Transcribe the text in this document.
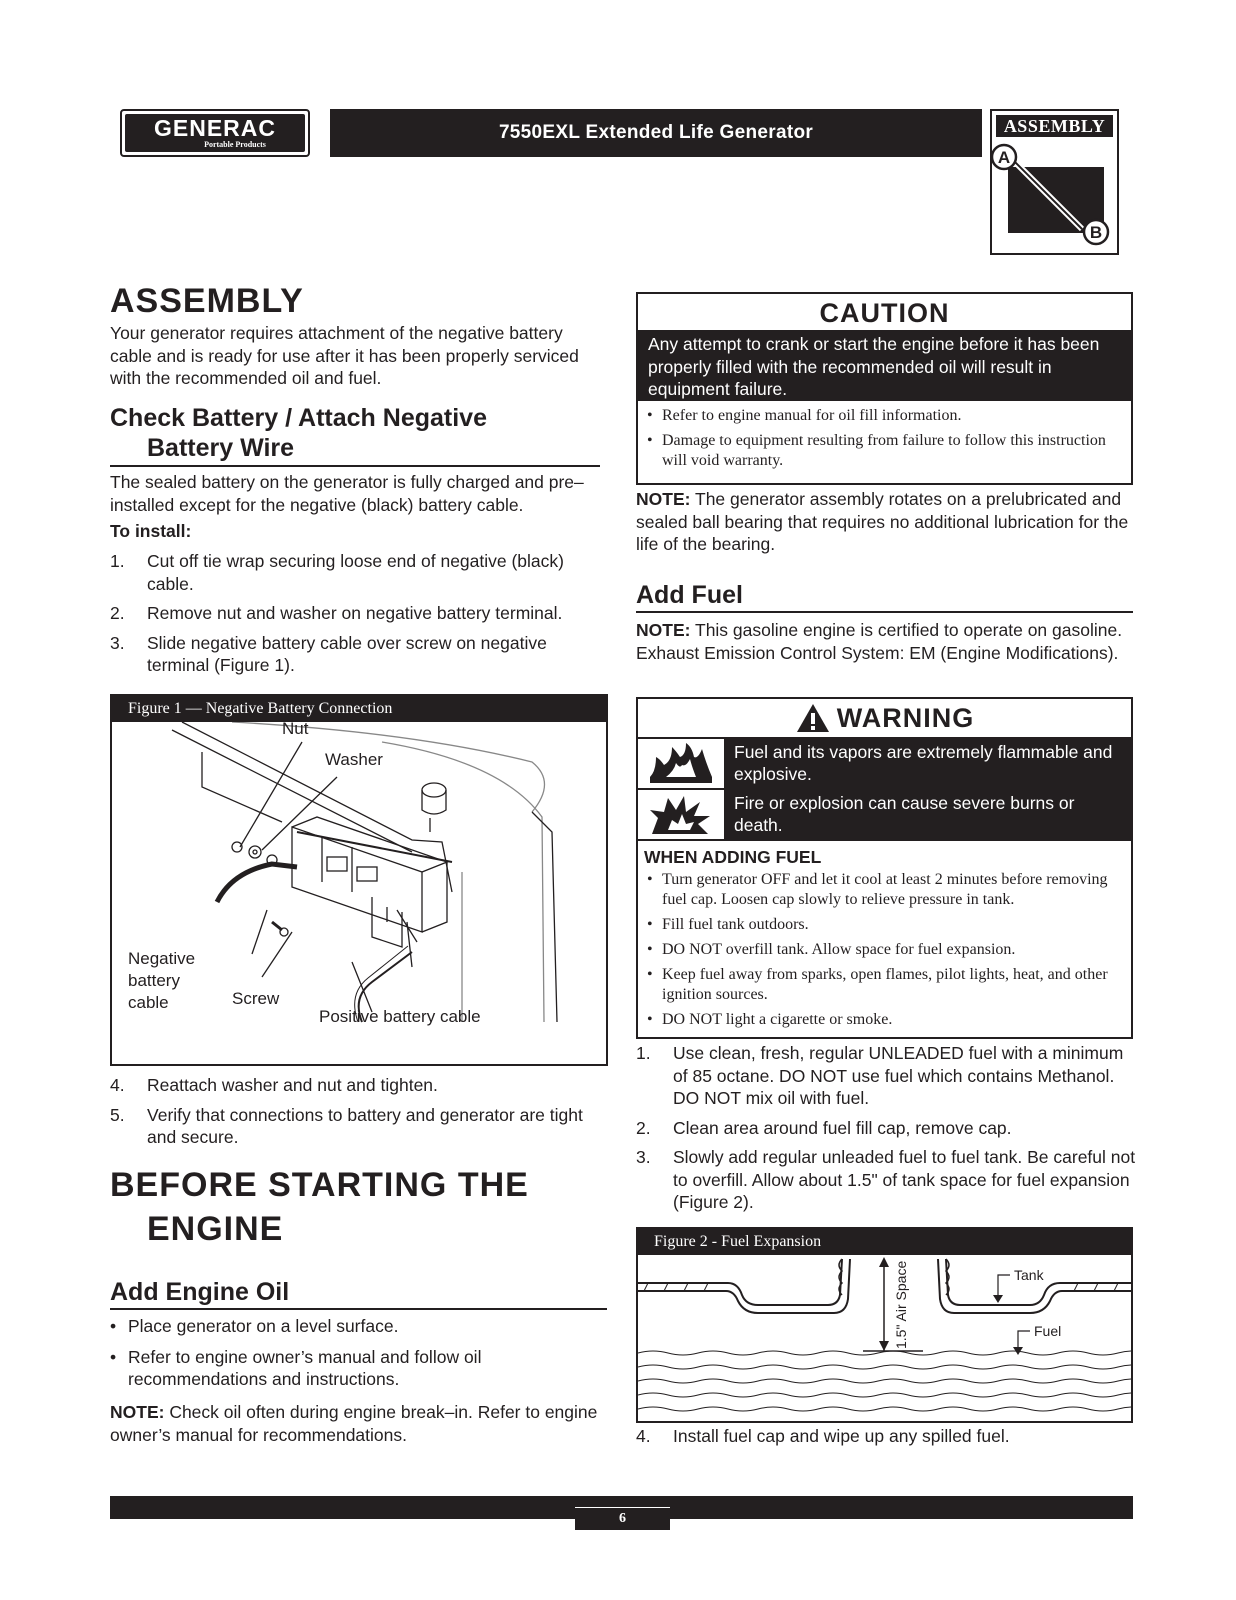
GENERAC
Portable Products
7550EXL Extended Life Generator
A
B
ASSEMBLY
ASSEMBLY
Your generator requires attachment of the negative battery cable and is ready for use after it has been properly serviced with the recommended oil and fuel.
Check Battery / Attach Negative
Battery Wire
The sealed battery on the generator is fully charged and pre–installed except for the negative (black) battery cable.
To install:
1. Cut off tie wrap securing loose end of negative (black) cable.
2. Remove nut and washer on negative battery terminal.
3. Slide negative battery cable over screw on negative terminal (Figure 1).
Figure 1 — Negative Battery Connection
Nut
Washer
Negative
battery
cable	Screw
Positive battery cable
4. Reattach washer and nut and tighten.
5. Verify that connections to battery and generator are tight and secure.
BEFORE STARTING THE
ENGINE
Add Engine Oil
• Place generator on a level surface.
• Refer to engine owner’s manual and follow oil recommendations and instructions.
NOTE: Check oil often during engine break–in. Refer to engine owner’s manual for recommendations.
CAUTION
Any attempt to crank or start the engine before it has been properly filled with the recommended oil will result in equipment failure.
• Refer to engine manual for oil fill information.
• Damage to equipment resulting from failure to follow this instruction will void warranty.
NOTE: The generator assembly rotates on a prelubricated and sealed ball bearing that requires no additional lubrication for the life of the bearing.
Add Fuel
NOTE: This gasoline engine is certified to operate on gasoline. Exhaust Emission Control System: EM (Engine Modifications).
WARNING
Fuel and its vapors are extremely flammable and explosive.
Fire or explosion can cause severe burns or death.
WHEN ADDING FUEL
• Turn generator OFF and let it cool at least 2 minutes before removing fuel cap. Loosen cap slowly to relieve pressure in tank.
• Fill fuel tank outdoors.
• DO NOT overfill tank. Allow space for fuel expansion.
• Keep fuel away from sparks, open flames, pilot lights, heat, and other ignition sources.
• DO NOT light a cigarette or smoke.
1. Use clean, fresh, regular UNLEADED fuel with a minimum of 85 octane. DO NOT use fuel which contains Methanol. DO NOT mix oil with fuel.
2. Clean area around fuel fill cap, remove cap.
3. Slowly add regular unleaded fuel to fuel tank. Be careful not to overfill. Allow about 1.5" of tank space for fuel expansion (Figure 2).
Figure 2 - Fuel Expansion
1.5" Air Space	Tank
Fuel
4. Install fuel cap and wipe up any spilled fuel.
6
